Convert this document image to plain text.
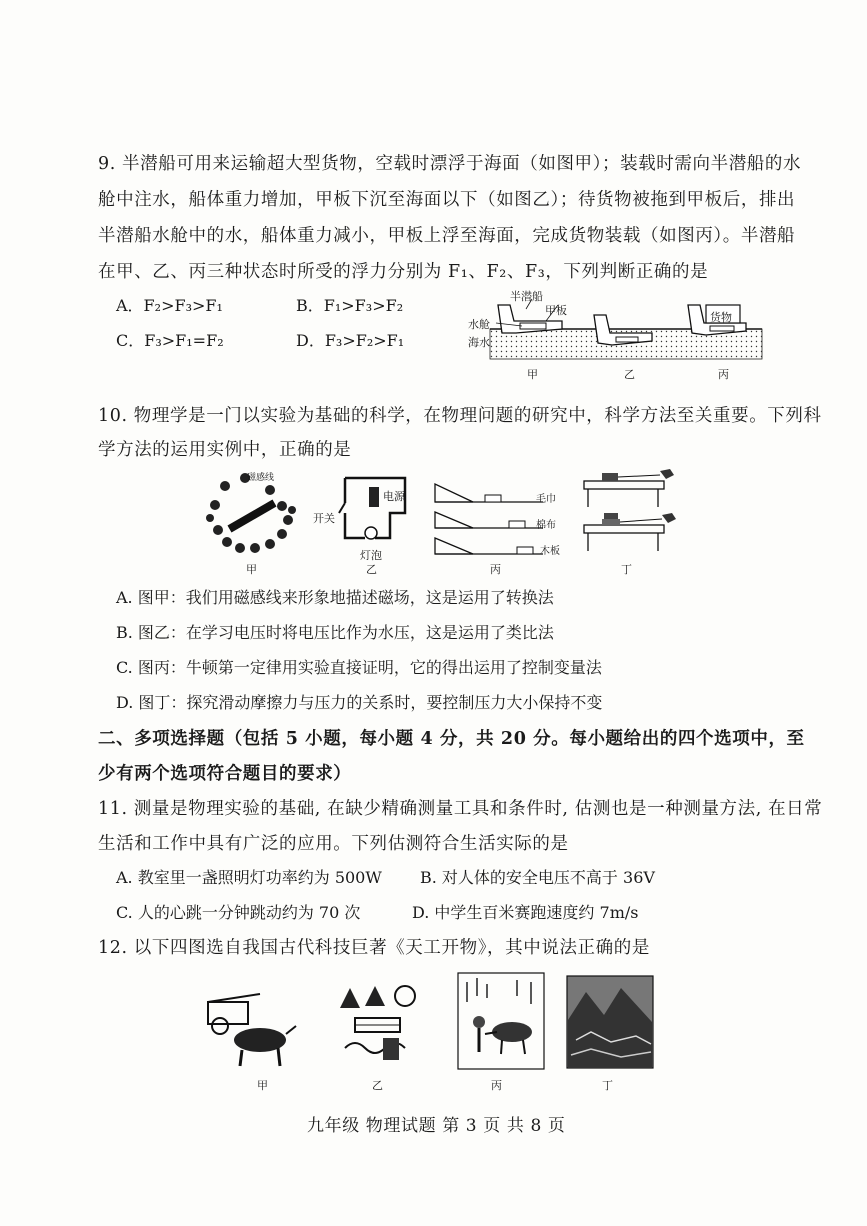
9. 半潜船可用来运输超大型货物，空载时漂浮于海面（如图甲）；装载时需向半潜船的水
舱中注水，船体重力增加，甲板下沉至海面以下（如图乙）；待货物被拖到甲板后，排出
半潜船水舱中的水，船体重力减小，甲板上浮至海面，完成货物装载（如图丙）。半潜船
在甲、乙、丙三种状态时所受的浮力分别为 F₁、F₂、F₃，下列判断正确的是
A．F₂>F₃>F₁	B．F₁>F₃>F₂
C．F₃>F₁=F₂	D．F₃>F₂>F₁
半潜船
甲板
水舱
海水
货物
甲	乙	丙
10. 物理学是一门以实验为基础的科学，在物理问题的研究中，科学方法至关重要。下列科
学方法的运用实例中，正确的是
磁感线
电源
开关
灯泡
毛巾
棉布
木板
甲	乙	丙	丁
A. 图甲：我们用磁感线来形象地描述磁场，这是运用了转换法
B. 图乙：在学习电压时将电压比作为水压，这是运用了类比法
C. 图丙：牛顿第一定律用实验直接证明，它的得出运用了控制变量法
D. 图丁：探究滑动摩擦力与压力的关系时，要控制压力大小保持不变
二、多项选择题（包括 5 小题，每小题 4 分，共 20 分。每小题给出的四个选项中，至
少有两个选项符合题目的要求）
11. 测量是物理实验的基础, 在缺少精确测量工具和条件时, 估测也是一种测量方法, 在日常
生活和工作中具有广泛的应用。下列估测符合生活实际的是
A. 教室里一盏照明灯功率约为 500W B. 对人体的安全电压不高于 36V
C. 人的心跳一分钟跳动约为 70 次	D. 中学生百米赛跑速度约 7m/s
12. 以下四图选自我国古代科技巨著《天工开物》，其中说法正确的是
甲	乙	丙	丁
九年级 物理试题 第 3 页 共 8 页
